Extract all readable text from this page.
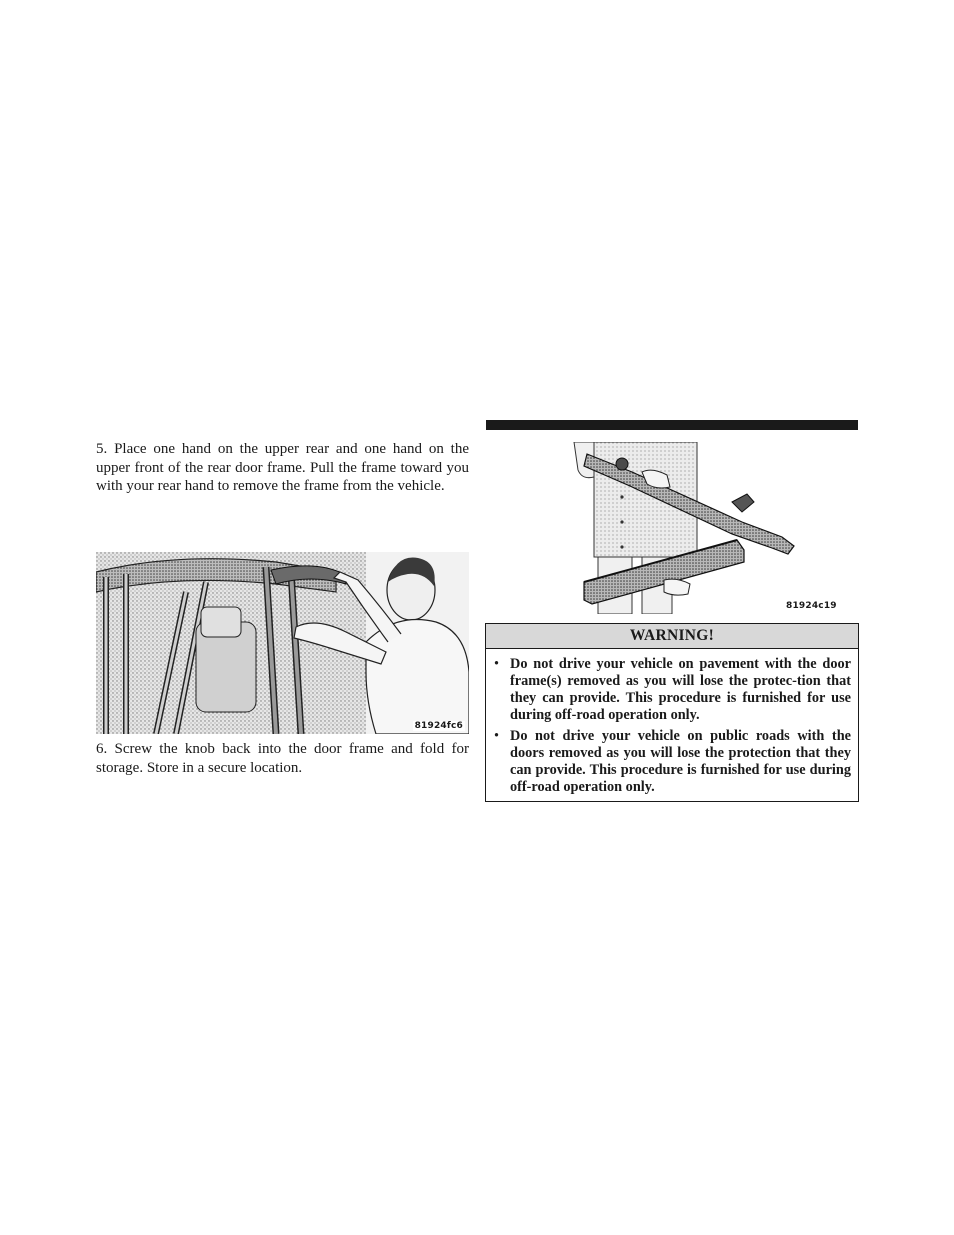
5. Place one hand on the upper rear and one hand on the upper front of the rear door frame. Pull the frame toward you with your rear hand to remove the frame from the vehicle.

81924fc6

6. Screw the knob back into the door frame and fold for storage. Store in a secure location.

81924c19
WARNING!
• Do not drive your vehicle on pavement with the door frame(s) removed as you will lose the protec-tion that they can provide. This procedure is furnished for use during off-road operation only.
• Do not drive your vehicle on public roads with the doors removed as you will lose the protection that they can provide. This procedure is furnished for use during off-road operation only.
